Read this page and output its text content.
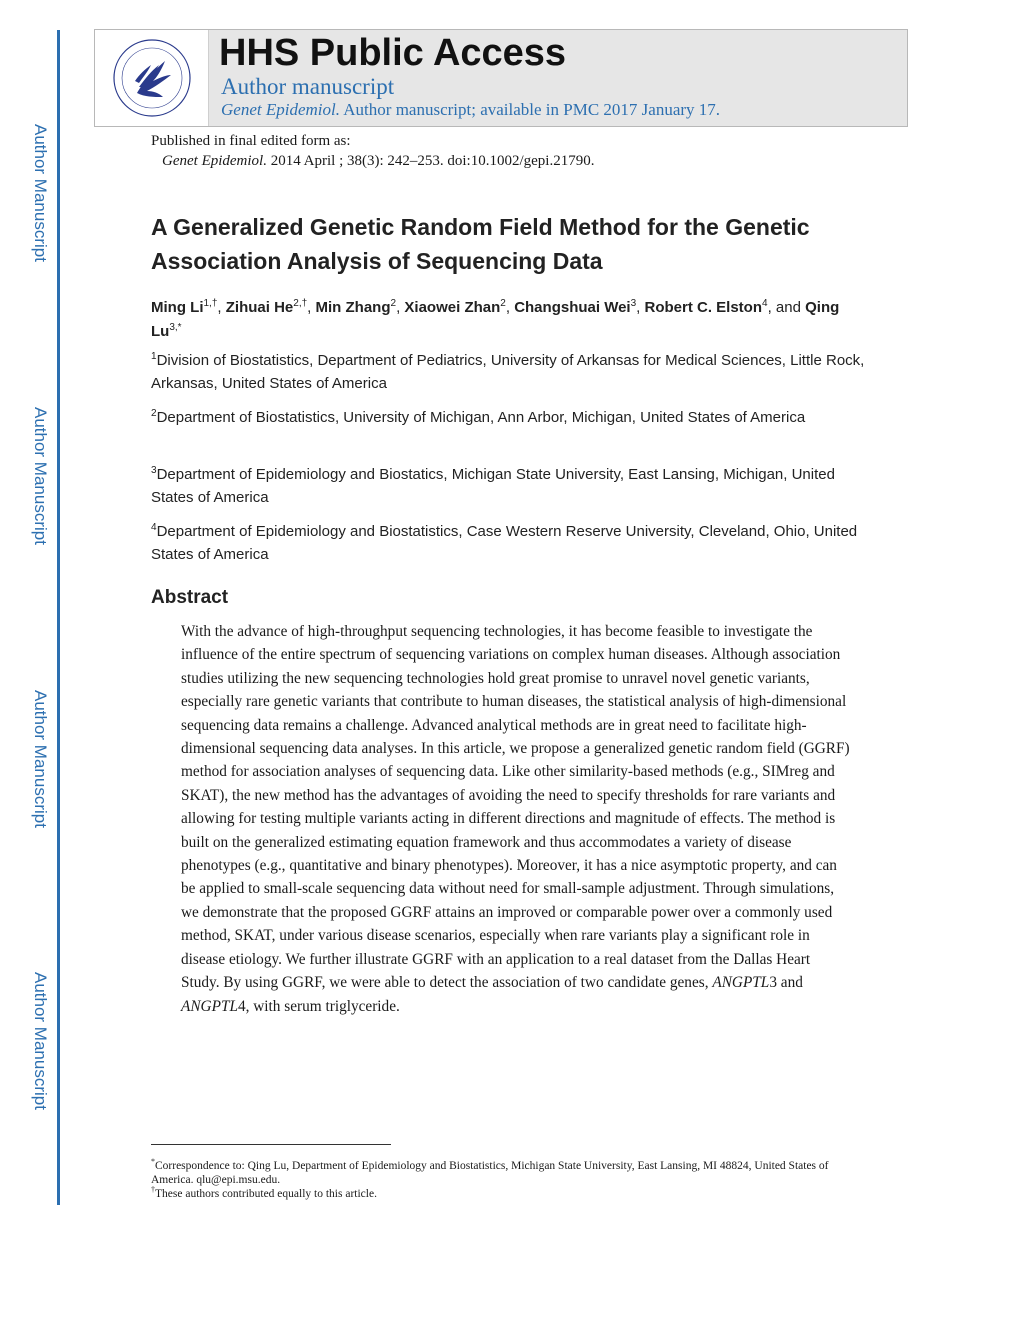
Author Manuscript
Author Manuscript
Author Manuscript
Author Manuscript
HHS Public Access
Author manuscript
Genet Epidemiol. Author manuscript; available in PMC 2017 January 17.
Published in final edited form as:
Genet Epidemiol. 2014 April ; 38(3): 242–253. doi:10.1002/gepi.21790.
A Generalized Genetic Random Field Method for the Genetic Association Analysis of Sequencing Data
Ming $Li^{1,\dagger}$, Zihuai $He^{2,\dagger}$, Min Zhang$^2$, Xiaowei Zhan$^2$, Changshuai Wei$^3$, Robert C. Elston$^4$, and Qing $Lu^{3,*}$
$^1$Division of Biostatistics, Department of Pediatrics, University of Arkansas for Medical Sciences, Little Rock, Arkansas, United States of America
$^2$Department of Biostatistics, University of Michigan, Ann Arbor, Michigan, United States of America
$^3$Department of Epidemiology and Biostatics, Michigan State University, East Lansing, Michigan, United States of America
$^4$Department of Epidemiology and Biostatistics, Case Western Reserve University, Cleveland, Ohio, United States of America
Abstract
With the advance of high-throughput sequencing technologies, it has become feasible to investigate the influence of the entire spectrum of sequencing variations on complex human diseases. Although association studies utilizing the new sequencing technologies hold great promise to unravel novel genetic variants, especially rare genetic variants that contribute to human diseases, the statistical analysis of high-dimensional sequencing data remains a challenge. Advanced analytical methods are in great need to facilitate high-dimensional sequencing data analyses. In this article, we propose a generalized genetic random field (GGRF) method for association analyses of sequencing data. Like other similarity-based methods (e.g., SIMreg and SKAT), the new method has the advantages of avoiding the need to specify thresholds for rare variants and allowing for testing multiple variants acting in different directions and magnitude of effects. The method is built on the generalized estimating equation framework and thus accommodates a variety of disease phenotypes (e.g., quantitative and binary phenotypes). Moreover, it has a nice asymptotic property, and can be applied to small-scale sequencing data without need for small-sample adjustment. Through simulations, we demonstrate that the proposed GGRF attains an improved or comparable power over a commonly used method, SKAT, under various disease scenarios, especially when rare variants play a significant role in disease etiology. We further illustrate GGRF with an application to a real dataset from the Dallas Heart Study. By using GGRF, we were able to detect the association of two candidate genes, ANGPTL3 and ANGPTL4, with serum triglyceride.
*Correspondence to: Qing Lu, Department of Epidemiology and Biostatistics, Michigan State University, East Lansing, MI 48824, United States of America. qlu@epi.msu.edu.
†These authors contributed equally to this article.
